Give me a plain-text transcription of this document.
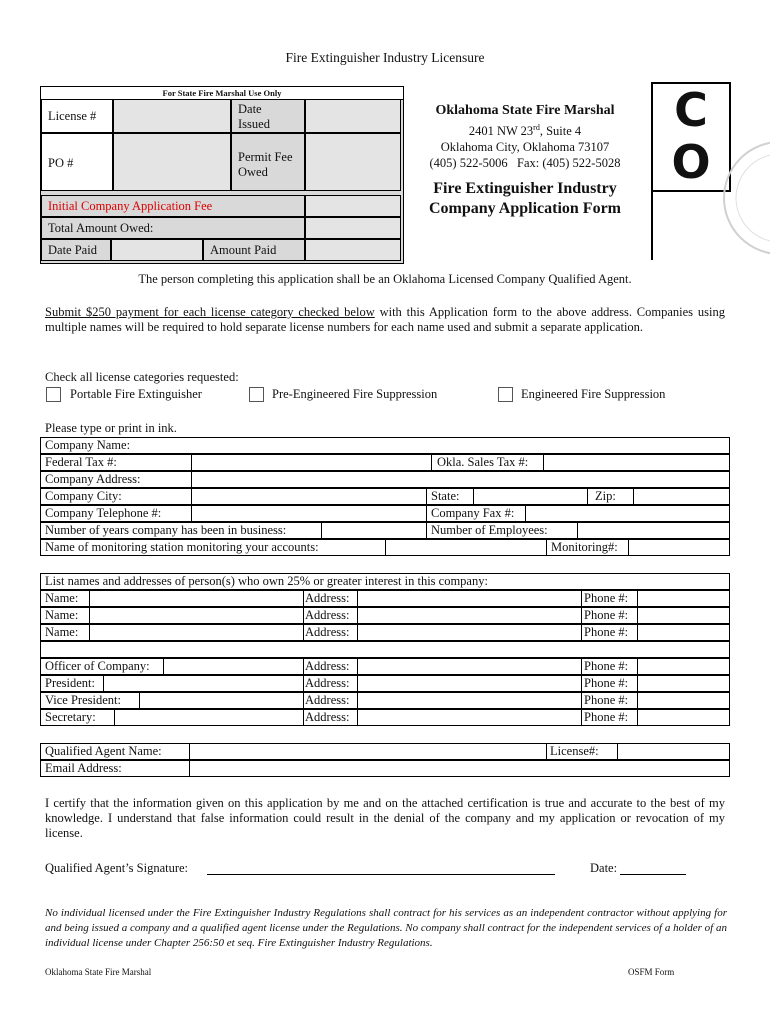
Fire Extinguisher Industry Licensure
For State Fire Marshal Use Only
License #	Date Issued
PO #	Permit Fee Owed
Initial Company Application Fee
Total Amount Owed:
Date Paid	Amount Paid
Oklahoma State Fire Marshal
2401 NW 23rd, Suite 4
Oklahoma City, Oklahoma 73107
(405) 522-5006   Fax: (405) 522-5028
Fire Extinguisher Industry
Company Application Form
C
O
The person completing this application shall be an Oklahoma Licensed Company Qualified Agent.
Submit $250 payment for each license category checked below with this Application form to the above address. Companies using multiple names will be required to hold separate license numbers for each name used and submit a separate application.
Check all license categories requested:
Portable Fire Extinguisher	Pre-Engineered Fire Suppression	Engineered Fire Suppression
Please type or print in ink.
Company Name:
Federal Tax #:	Okla. Sales Tax #:
Company Address:
Company City:	State:	Zip:
Company Telephone #:	Company Fax #:
Number of years company has been in business:	Number of Employees:
Name of monitoring station monitoring your accounts:	Monitoring#:
List names and addresses of person(s) who own 25% or greater interest in this company:
Name:	Address:	Phone #:
Name:	Address:	Phone #:
Name:	Address:	Phone #:
Officer of Company:	Address:	Phone #:
President:	Address:	Phone #:
Vice President:	Address:	Phone #:
Secretary:	Address:	Phone #:
Qualified Agent Name:	License#:
Email Address:
I certify that the information given on this application by me and on the attached certification is true and accurate to the best of my knowledge. I understand that false information could result in the denial of the company and my application or revocation of my license.
Qualified Agent’s Signature:	Date:
No individual licensed under the Fire Extinguisher Industry Regulations shall contract for his services as an independent contractor without applying for and being issued a company and a qualified agent license under the Regulations. No company shall contract for the independent services of a holder of an individual license under Chapter 256:50 et seq. Fire Extinguisher Industry Regulations.
Oklahoma State Fire Marshal	OSFM Form
